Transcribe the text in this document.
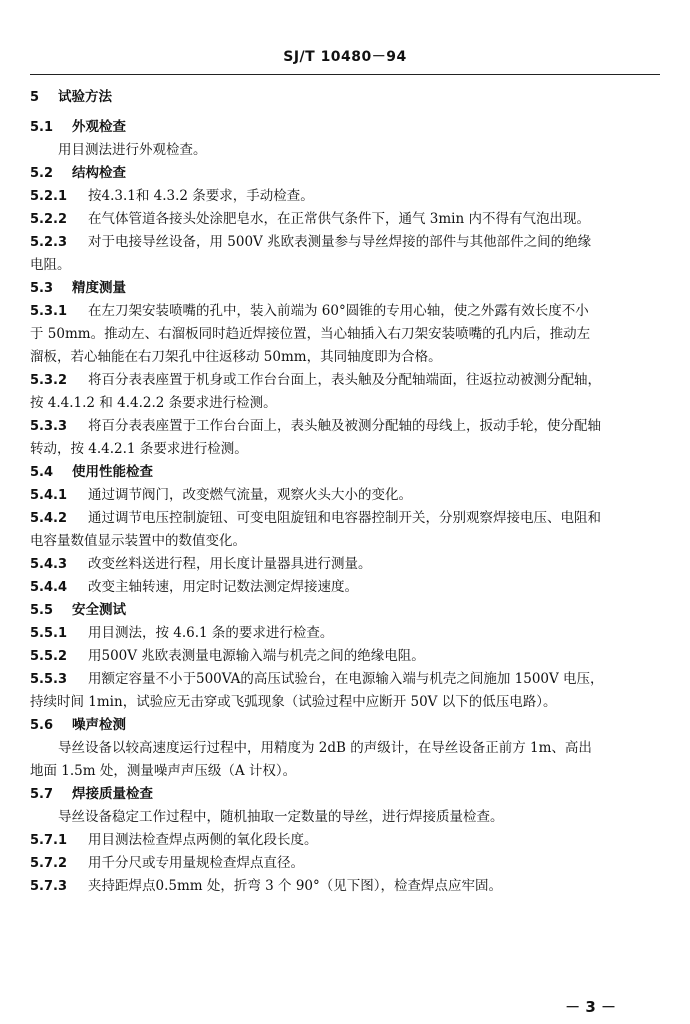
SJ/T 10480－94
5 试验方法
5.1 外观检查
用目测法进行外观检查。
5.2 结构检查
5.2.1 按4.3.1和 4.3.2 条要求，手动检查。
5.2.2 在气体管道各接头处涂肥皂水，在正常供气条件下，通气 3min 内不得有气泡出现。
5.2.3 对于电接导丝设备，用 500V 兆欧表测量参与导丝焊接的部件与其他部件之间的绝缘
电阻。
5.3 精度测量
5.3.1 在左刀架安装喷嘴的孔中，装入前端为 60°圆锥的专用心轴，使之外露有效长度不小
于 50mm。推动左、右溜板同时趋近焊接位置，当心轴插入右刀架安装喷嘴的孔内后，推动左
溜板，若心轴能在右刀架孔中往返移动 50mm，其同轴度即为合格。
5.3.2 将百分表表座置于机身或工作台台面上，表头触及分配轴端面，往返拉动被测分配轴，
按 4.4.1.2 和 4.4.2.2 条要求进行检测。
5.3.3 将百分表表座置于工作台台面上，表头触及被测分配轴的母线上，扳动手轮，使分配轴
转动，按 4.4.2.1 条要求进行检测。
5.4 使用性能检查
5.4.1 通过调节阀门，改变燃气流量，观察火头大小的变化。
5.4.2 通过调节电压控制旋钮、可变电阻旋钮和电容器控制开关，分别观察焊接电压、电阻和
电容量数值显示装置中的数值变化。
5.4.3 改变丝料送进行程，用长度计量器具进行测量。
5.4.4 改变主轴转速，用定时记数法测定焊接速度。
5.5 安全测试
5.5.1 用目测法，按 4.6.1 条的要求进行检查。
5.5.2 用500V 兆欧表测量电源输入端与机壳之间的绝缘电阻。
5.5.3 用额定容量不小于500VA的高压试验台，在电源输入端与机壳之间施加 1500V 电压，
持续时间 1min，试验应无击穿或飞弧现象（试验过程中应断开 50V 以下的低压电路）。
5.6 噪声检测
导丝设备以较高速度运行过程中，用精度为 2dB 的声级计，在导丝设备正前方 1m、高出
地面 1.5m 处，测量噪声声压级（A 计权）。
5.7 焊接质量检查
导丝设备稳定工作过程中，随机抽取一定数量的导丝，进行焊接质量检查。
5.7.1 用目测法检查焊点两侧的氧化段长度。
5.7.2 用千分尺或专用量规检查焊点直径。
5.7.3 夹持距焊点0.5mm 处，折弯 3 个 90°（见下图），检查焊点应牢固。
－ 3 －
